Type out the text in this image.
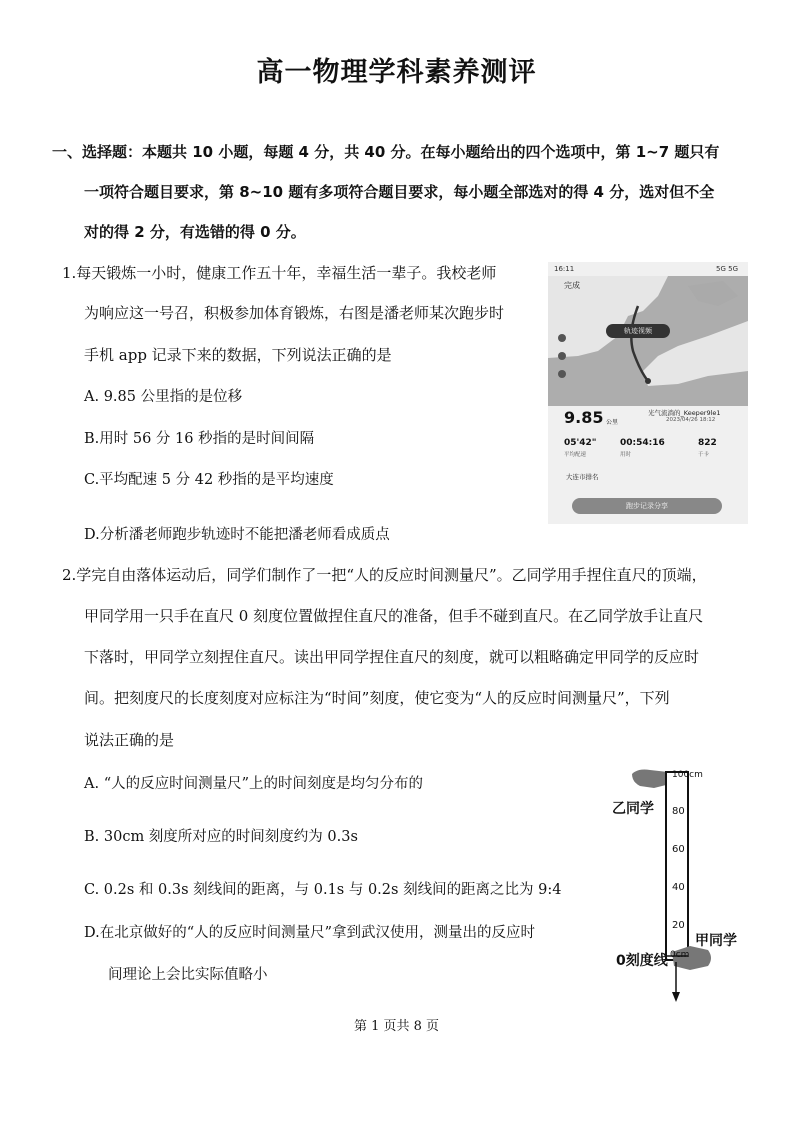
高一物理学科素养测评
一、选择题：本题共 10 小题，每题 4 分，共 40 分。在每小题给出的四个选项中，第 1~7 题只有
一项符合题目要求，第 8~10 题有多项符合题目要求，每小题全部选对的得 4 分，选对但不全
对的得 2 分，有选错的得 0 分。
1.每天锻炼一小时，健康工作五十年，幸福生活一辈子。我校老师
为响应这一号召，积极参加体育锻炼，右图是潘老师某次跑步时
手机 app 记录下来的数据，下列说法正确的是
A. 9.85 公里指的是位移
B.用时 56 分 16 秒指的是时间间隔
C.平均配速 5 分 42 秒指的是平均速度
D.分析潘老师跑步轨迹时不能把潘老师看成质点
16:11	5G 5G
完成
轨迹视频
9.85 公里
光气流淌的_Keeper9le1
2023/04/26 18:12
05'42"
平均配速
00:54:16
用时
822
千卡
大连市排名
跑步记录分享
2.学完自由落体运动后，同学们制作了一把“人的反应时间测量尺”。乙同学用手捏住直尺的顶端，
甲同学用一只手在直尺 0 刻度位置做捏住直尺的准备，但手不碰到直尺。在乙同学放手让直尺
下落时，甲同学立刻捏住直尺。读出甲同学捏住直尺的刻度，就可以粗略确定甲同学的反应时
间。把刻度尺的长度刻度对应标注为“时间”刻度，使它变为“人的反应时间测量尺”，下列
说法正确的是
A. “人的反应时间测量尺”上的时间刻度是均匀分布的
B. 30cm 刻度所对应的时间刻度约为 0.3s
C. 0.2s 和 0.3s 刻线间的距离，与 0.1s 与 0.2s 刻线间的距离之比为 9:4
D.在北京做好的“人的反应时间测量尺”拿到武汉使用，测量出的反应时
间理论上会比实际值略小
100cm
80
60
40
20
0cm
乙同学
甲同学
0刻度线
第 1 页共 8 页
